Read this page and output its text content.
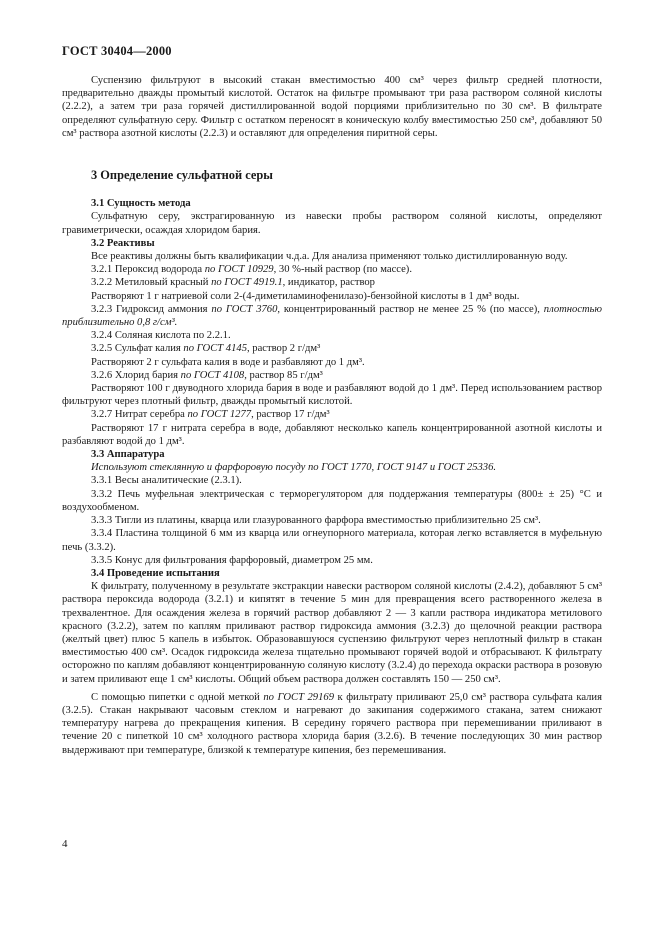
ГОСТ 30404—2000

Суспензию фильтруют в высокий стакан вместимостью 400 см³ через фильтр средней плотности, предварительно дважды промытый кислотой. Остаток на фильтре промывают три раза раствором соляной кислоты (2.2.2), а затем три раза горячей дистиллированной водой порциями приблизительно по 30 см³. В фильтрате определяют сульфатную серу. Фильтр с остатком переносят в коническую колбу вместимостью 250 см³, добавляют 50 см³ раствора азотной кислоты (2.2.3) и оставляют для определения пиритной серы.

3 Определение сульфатной серы

3.1 Сущность метода

Сульфатную серу, экстрагированную из навески пробы раствором соляной кислоты, определяют гравиметрически, осаждая хлоридом бария.

3.2 Реактивы

Все реактивы должны быть квалификации ч.д.а. Для анализа применяют только дистиллированную воду.

3.2.1 Пероксид водорода по ГОСТ 10929, 30 %-ный раствор (по массе).

3.2.2 Метиловый красный по ГОСТ 4919.1, индикатор, раствор

Растворяют 1 г натриевой соли 2-(4-диметиламинофенилазо)-бензойной кислоты в 1 дм³ воды.

3.2.3 Гидроксид аммония по ГОСТ 3760, концентрированный раствор не менее 25 % (по массе), плотностью приблизительно 0,8 г/см³.

3.2.4 Соляная кислота по 2.2.1.

3.2.5 Сульфат калия по ГОСТ 4145, раствор 2 г/дм³

Растворяют 2 г сульфата калия в воде и разбавляют до 1 дм³.

3.2.6 Хлорид бария по ГОСТ 4108, раствор 85 г/дм³

Растворяют 100 г двуводного хлорида бария в воде и разбавляют водой до 1 дм³. Перед использованием раствор фильтруют через плотный фильтр, дважды промытый кислотой.

3.2.7 Нитрат серебра по ГОСТ 1277, раствор 17 г/дм³

Растворяют 17 г нитрата серебра в воде, добавляют несколько капель концентрированной азотной кислоты и разбавляют водой до 1 дм³.

3.3 Аппаратура

Используют стеклянную и фарфоровую посуду по ГОСТ 1770, ГОСТ 9147 и ГОСТ 25336.

3.3.1 Весы аналитические (2.3.1).

3.3.2 Печь муфельная электрическая с терморегулятором для поддержания температуры (800± ± 25) °С и воздухообменом.

3.3.3 Тигли из платины, кварца или глазурованного фарфора вместимостью приблизительно 25 см³.

3.3.4 Пластина толщиной 6 мм из кварца или огнеупорного материала, которая легко вставляется в муфельную печь (3.3.2).

3.3.5 Конус для фильтрования фарфоровый, диаметром 25 мм.

3.4 Проведение испытания

К фильтрату, полученному в результате экстракции навески раствором соляной кислоты (2.4.2), добавляют 5 см³ раствора пероксида водорода (3.2.1) и кипятят в течение 5 мин для превращения всего растворенного железа в трехвалентное. Для осаждения железа в горячий раствор добавляют 2 — 3 капли раствора индикатора метилового красного (3.2.2), затем по каплям приливают раствор гидроксида аммония (3.2.3) до щелочной реакции раствора (желтый цвет) плюс 5 капель в избыток. Образовавшуюся суспензию фильтруют через неплотный фильтр в стакан вместимостью 400 см³. Осадок гидроксида железа тщательно промывают горячей водой и отбрасывают. К фильтрату осторожно по каплям добавляют концентрированную соляную кислоту (3.2.4) до перехода окраски раствора в розовую и затем приливают еще 1 см³ кислоты. Общий объем раствора должен составлять 150 — 250 см³.

С помощью пипетки с одной меткой по ГОСТ 29169 к фильтрату приливают 25,0 см³ раствора сульфата калия (3.2.5). Стакан накрывают часовым стеклом и нагревают до закипания содержимого стакана, затем снижают температуру нагрева до прекращения кипения. В середину горячего раствора при перемешивании приливают в течение 20 с пипеткой 10 см³ холодного раствора хлорида бария (3.2.6). В течение последующих 30 мин раствор выдерживают при температуре, близкой к температуре кипения, без перемешивания.

4
